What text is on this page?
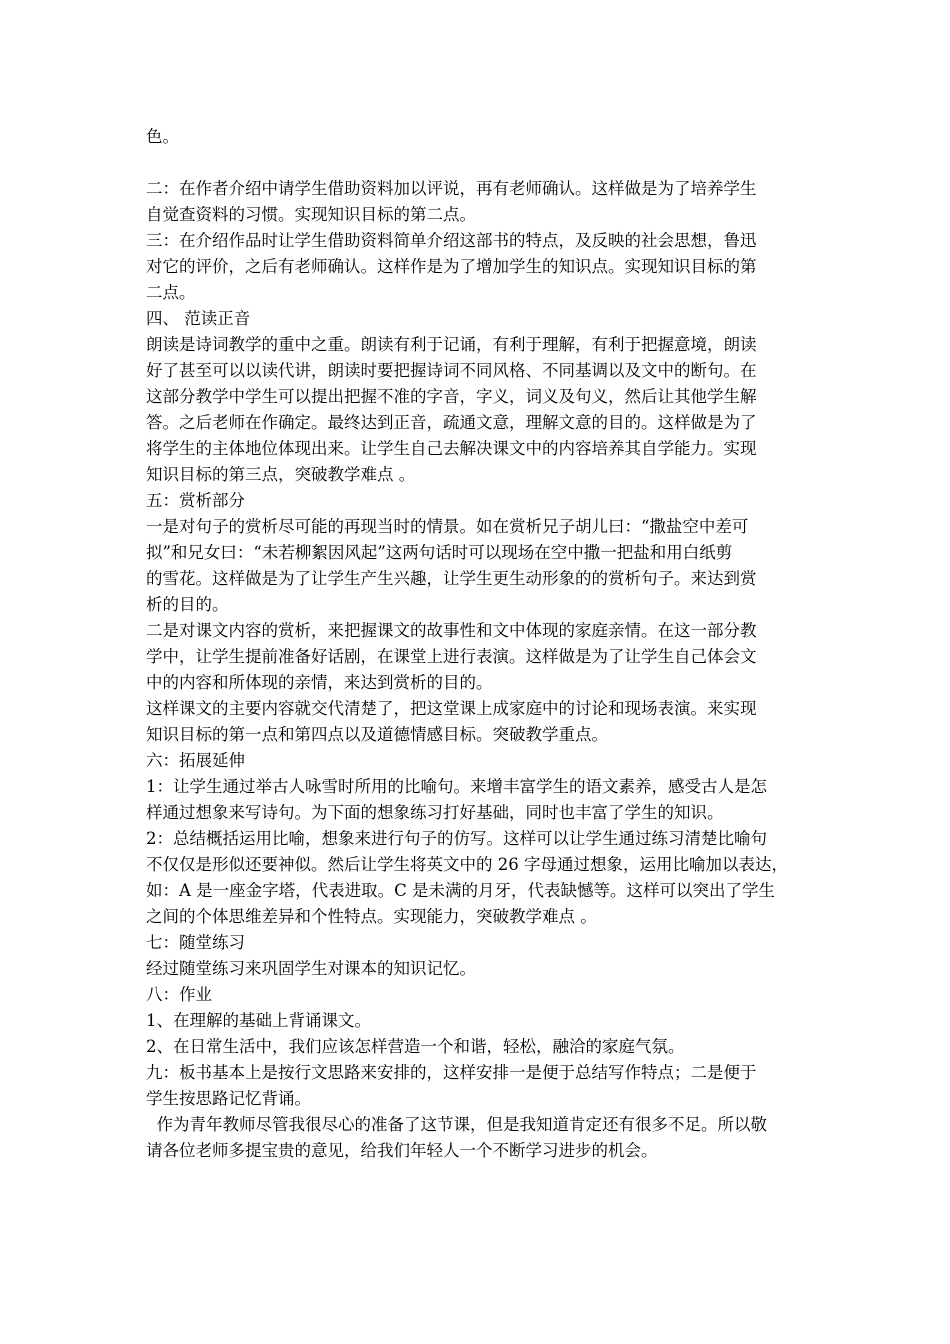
色。
二：在作者介绍中请学生借助资料加以评说，再有老师确认。这样做是为了培养学生
自觉查资料的习惯。实现知识目标的第二点。
三：在介绍作品时让学生借助资料简单介绍这部书的特点，及反映的社会思想，鲁迅
对它的评价，之后有老师确认。这样作是为了增加学生的知识点。实现知识目标的第
二点。
四、 范读正音
朗读是诗词教学的重中之重。朗读有利于记诵，有利于理解，有利于把握意境，朗读
好了甚至可以以读代讲，朗读时要把握诗词不同风格、不同基调以及文中的断句。在
这部分教学中学生可以提出把握不准的字音，字义，词义及句义，然后让其他学生解
答。之后老师在作确定。最终达到正音，疏通文意，理解文意的目的。这样做是为了
将学生的主体地位体现出来。让学生自己去解决课文中的内容培养其自学能力。实现
知识目标的第三点，突破教学难点 。
五：赏析部分
一是对句子的赏析尽可能的再现当时的情景。如在赏析兄子胡儿曰：“撒盐空中差可
拟”和兄女曰：“未若柳絮因风起”这两句话时可以现场在空中撒一把盐和用白纸剪
的雪花。这样做是为了让学生产生兴趣，让学生更生动形象的的赏析句子。来达到赏
析的目的。
二是对课文内容的赏析，来把握课文的故事性和文中体现的家庭亲情。在这一部分教
学中，让学生提前准备好话剧，在课堂上进行表演。这样做是为了让学生自己体会文
中的内容和所体现的亲情，来达到赏析的目的。
这样课文的主要内容就交代清楚了，把这堂课上成家庭中的讨论和现场表演。来实现
知识目标的第一点和第四点以及道德情感目标。突破教学重点。
六：拓展延伸
1：让学生通过举古人咏雪时所用的比喻句。来增丰富学生的语文素养，感受古人是怎
样通过想象来写诗句。为下面的想象练习打好基础，同时也丰富了学生的知识。
2：总结概括运用比喻，想象来进行句子的仿写。这样可以让学生通过练习清楚比喻句
不仅仅是形似还要神似。然后让学生将英文中的 26 字母通过想象，运用比喻加以表达，
如：A 是一座金字塔，代表进取。C 是未满的月牙，代表缺憾等。这样可以突出了学生
之间的个体思维差异和个性特点。实现能力，突破教学难点 。
七：随堂练习
经过随堂练习来巩固学生对课本的知识记忆。
八：作业
1、在理解的基础上背诵课文。
2、在日常生活中，我们应该怎样营造一个和谐，轻松，融洽的家庭气氛。
九：板书基本上是按行文思路来安排的，这样安排一是便于总结写作特点；二是便于
学生按思路记忆背诵。
作为青年教师尽管我很尽心的准备了这节课，但是我知道肯定还有很多不足。所以敬
请各位老师多提宝贵的意见，给我们年轻人一个不断学习进步的机会。
